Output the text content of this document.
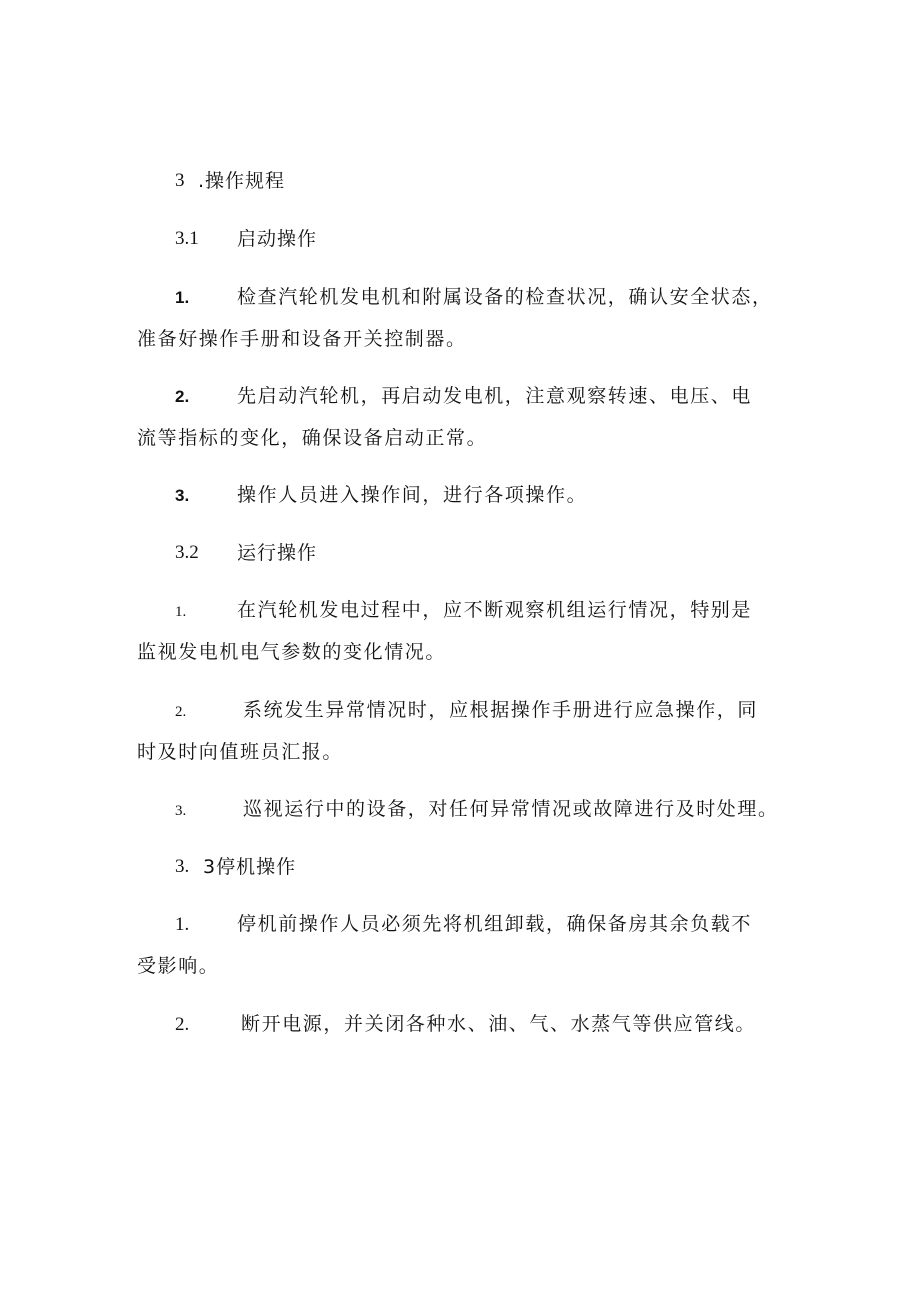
3 .操作规程
3.1 启动操作
1.	检查汽轮机发电机和附属设备的检查状况，确认安全状态，
准备好操作手册和设备开关控制器。
2.	先启动汽轮机，再启动发电机，注意观察转速、电压、电
流等指标的变化，确保设备启动正常。
3.	操作人员进入操作间，进行各项操作。
3.2 运行操作
1.	在汽轮机发电过程中，应不断观察机组运行情况，特别是
监视发电机电气参数的变化情况。
2.	系统发生异常情况时，应根据操作手册进行应急操作，同
时及时向值班员汇报。
3.	巡视运行中的设备，对任何异常情况或故障进行及时处理。
3. 3停机操作
1.	停机前操作人员必须先将机组卸载，确保备房其余负载不
受影响。
2.	断开电源，并关闭各种水、油、气、水蒸气等供应管线。
